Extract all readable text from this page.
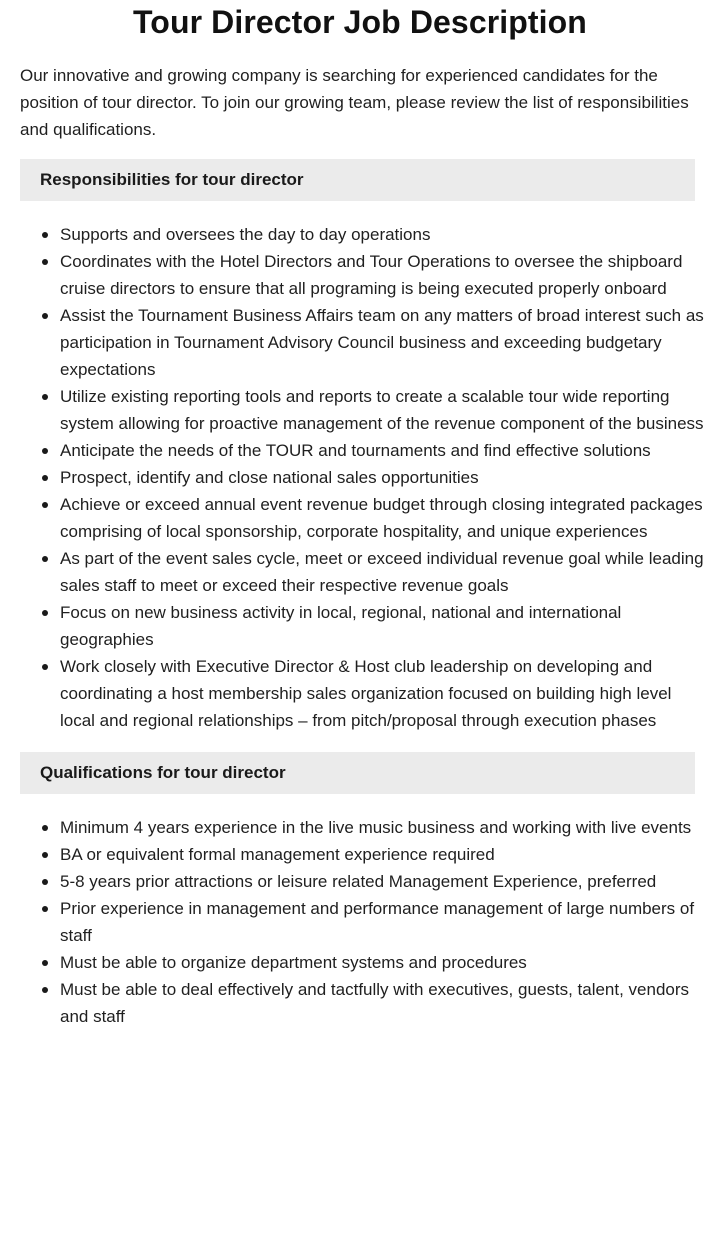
Tour Director Job Description

Our innovative and growing company is searching for experienced candidates for the position of tour director. To join our growing team, please review the list of responsibilities and qualifications.

Responsibilities for tour director
Supports and oversees the day to day operations
Coordinates with the Hotel Directors and Tour Operations to oversee the shipboard cruise directors to ensure that all programing is being executed properly onboard
Assist the Tournament Business Affairs team on any matters of broad interest such as participation in Tournament Advisory Council business and exceeding budgetary expectations
Utilize existing reporting tools and reports to create a scalable tour wide reporting system allowing for proactive management of the revenue component of the business
Anticipate the needs of the TOUR and tournaments and find effective solutions
Prospect, identify and close national sales opportunities
Achieve or exceed annual event revenue budget through closing integrated packages comprising of local sponsorship, corporate hospitality, and unique experiences
As part of the event sales cycle, meet or exceed individual revenue goal while leading sales staff to meet or exceed their respective revenue goals
Focus on new business activity in local, regional, national and international geographies
Work closely with Executive Director & Host club leadership on developing and coordinating a host membership sales organization focused on building high level local and regional relationships – from pitch/proposal through execution phases
Qualifications for tour director
Minimum 4 years experience in the live music business and working with live events
BA or equivalent formal management experience required
5-8 years prior attractions or leisure related Management Experience, preferred
Prior experience in management and performance management of large numbers of staff
Must be able to organize department systems and procedures
Must be able to deal effectively and tactfully with executives, guests, talent, vendors and staff
